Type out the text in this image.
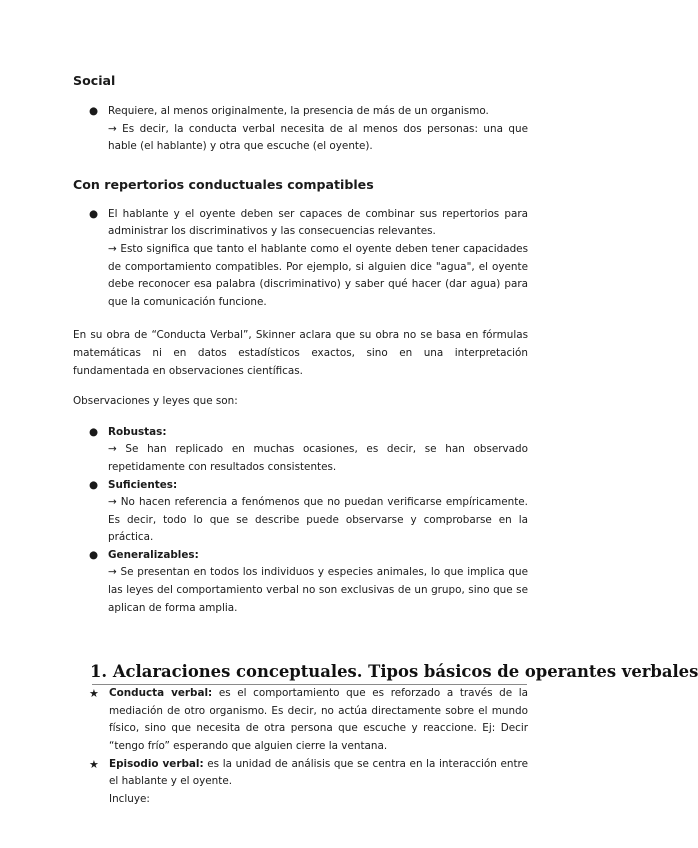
Social
● Requiere, al menos originalmente, la presencia de más de un organismo.
→ Es decir, la conducta verbal necesita de al menos dos personas: una que hable (el hablante) y otra que escuche (el oyente).
Con repertorios conductuales compatibles
● El hablante y el oyente deben ser capaces de combinar sus repertorios para administrar los discriminativos y las consecuencias relevantes.
→ Esto significa que tanto el hablante como el oyente deben tener capacidades de comportamiento compatibles. Por ejemplo, si alguien dice "agua", el oyente debe reconocer esa palabra (discriminativo) y saber qué hacer (dar agua) para que la comunicación funcione.

En su obra de “Conducta Verbal”, Skinner aclara que su obra no se basa en fórmulas matemáticas ni en datos estadísticos exactos, sino en una interpretación fundamentada en observaciones científicas.

Observaciones y leyes que son:

● Robustas:
→ Se han replicado en muchas ocasiones, es decir, se han observado repetidamente con resultados consistentes.
● Suficientes:
→ No hacen referencia a fenómenos que no puedan verificarse empíricamente. Es decir, todo lo que se describe puede observarse y comprobarse en la práctica.
● Generalizables:
→ Se presentan en todos los individuos y especies animales, lo que implica que las leyes del comportamiento verbal no son exclusivas de un grupo, sino que se aplican de forma amplia.
1. Aclaraciones conceptuales. Tipos básicos de operantes verbales
★ Conducta verbal: es el comportamiento que es reforzado a través de la mediación de otro organismo. Es decir, no actúa directamente sobre el mundo físico, sino que necesita de otra persona que escuche y reaccione. Ej: Decir “tengo frío” esperando que alguien cierre la ventana.
★ Episodio verbal: es la unidad de análisis que se centra en la interacción entre el hablante y el oyente.
Incluye:
